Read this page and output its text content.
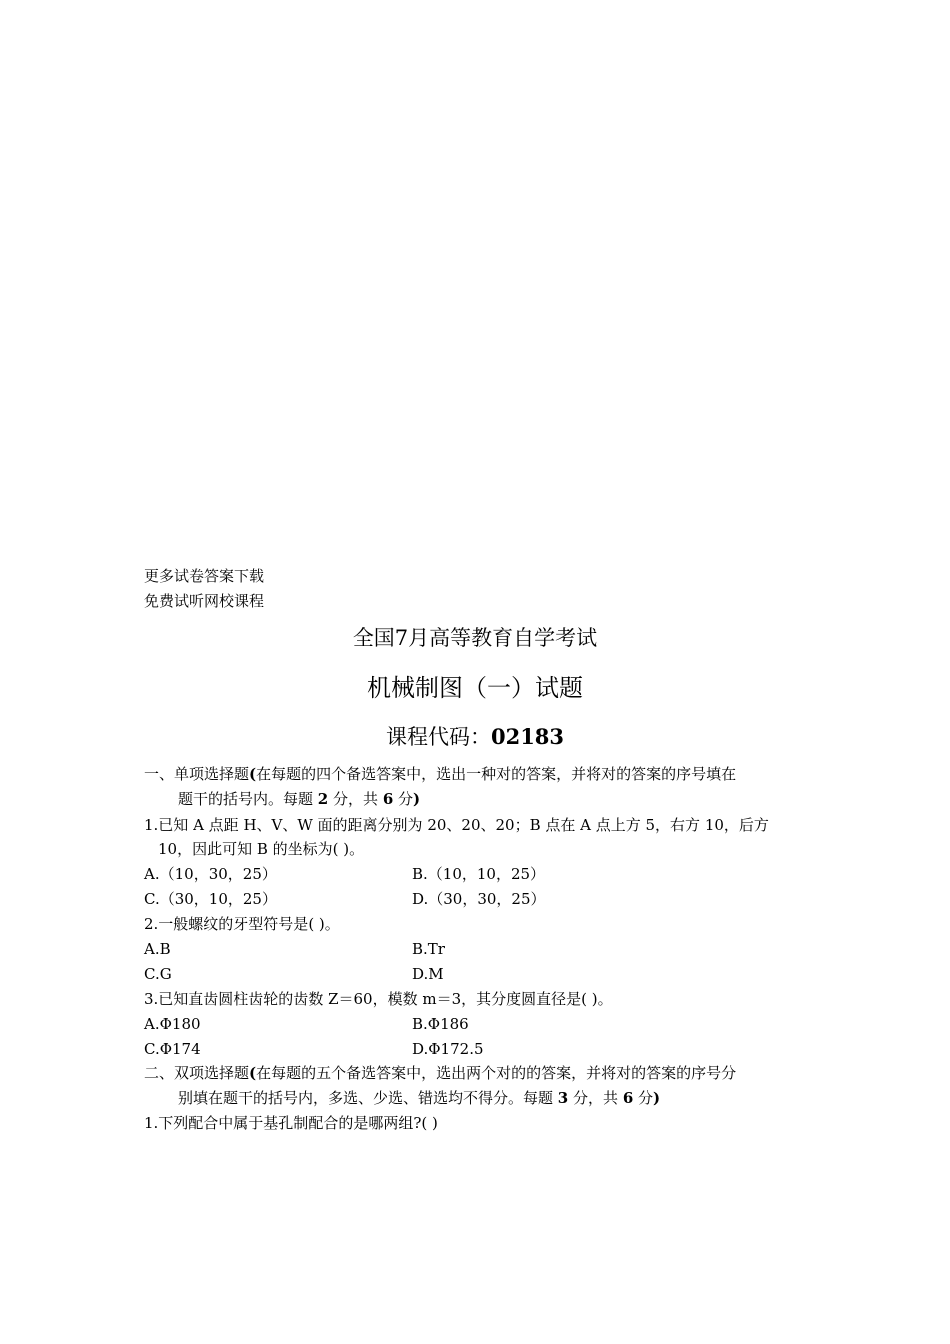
更多试卷答案下载
免费试听网校课程
全国7月高等教育自学考试
机械制图（一）试题
课程代码：02183
一、单项选择题(在每题的四个备选答案中，选出一种对的答案，并将对的答案的序号填在
题干的括号内。每题 2 分，共 6 分)
1.已知 A 点距 H、V、W 面的距离分别为 20、20、20；B 点在 A 点上方 5，右方 10，后方
10，因此可知 B 的坐标为( )。
A.（10，30，25）	B.（10，10，25）
C.（30，10，25）	D.（30，30，25）
2.一般螺纹的牙型符号是( )。
A.B	B.Tr
C.G	D.M
3.已知直齿圆柱齿轮的齿数 Z＝60，模数 m＝3，其分度圆直径是( )。
A.Φ180	B.Φ186
C.Φ174	D.Φ172.5
二、双项选择题(在每题的五个备选答案中，选出两个对的的答案，并将对的答案的序号分
别填在题干的括号内，多选、少选、错选均不得分。每题 3 分，共 6 分)
1.下列配合中属于基孔制配合的是哪两组?( )
